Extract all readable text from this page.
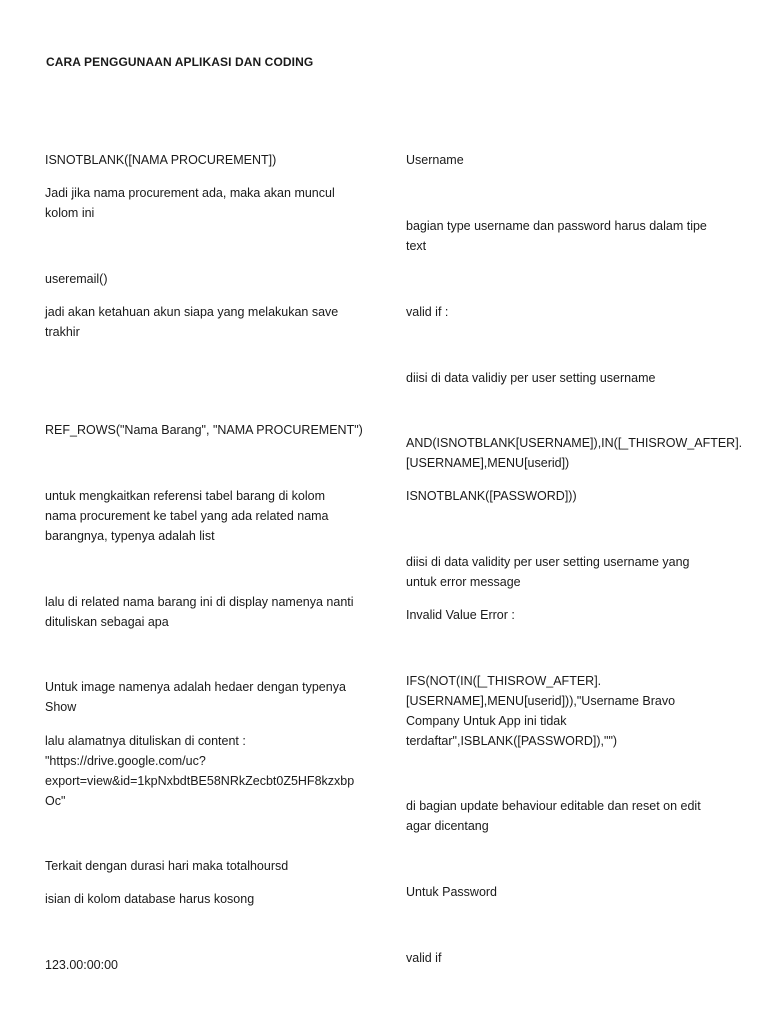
CARA PENGGUNAAN APLIKASI DAN CODING

ISNOTBLANK([NAMA PROCUREMENT])

Jadi jika nama procurement ada, maka akan muncul
kolom ini

useremail()

jadi akan ketahuan akun siapa yang melakukan save
trakhir

REF_ROWS("Nama Barang", "NAMA PROCUREMENT")

untuk mengkaitkan referensi tabel barang di kolom
nama procurement ke tabel yang ada related nama
barangnya, typenya adalah list

lalu di related nama barang ini di display namenya nanti
dituliskan sebagai apa

Untuk image namenya adalah hedaer dengan typenya
Show

lalu alamatnya dituliskan di content :
"https://drive.google.com/uc?
export=view&id=1kpNxbdtBE58NRkZecbt0Z5HF8kzxbp
Oc"

Terkait dengan durasi hari maka totalhoursd

isian di kolom database harus kosong

123.00:00:00

Username

bagian type username dan password harus dalam tipe
text

valid if :

diisi di data validiy per user setting username

AND(ISNOTBLANK[USERNAME]),IN([_THISROW_AFTER].
[USERNAME],MENU[userid])

ISNOTBLANK([PASSWORD]))

diisi di data validity per user setting username yang
untuk error message

Invalid Value Error :

IFS(NOT(IN([_THISROW_AFTER].
[USERNAME],MENU[userid])),"Username Bravo
Company Untuk App ini tidak
terdaftar",ISBLANK([PASSWORD]),"")

di bagian update behaviour editable dan reset on edit
agar dicentang

Untuk Password

valid if
